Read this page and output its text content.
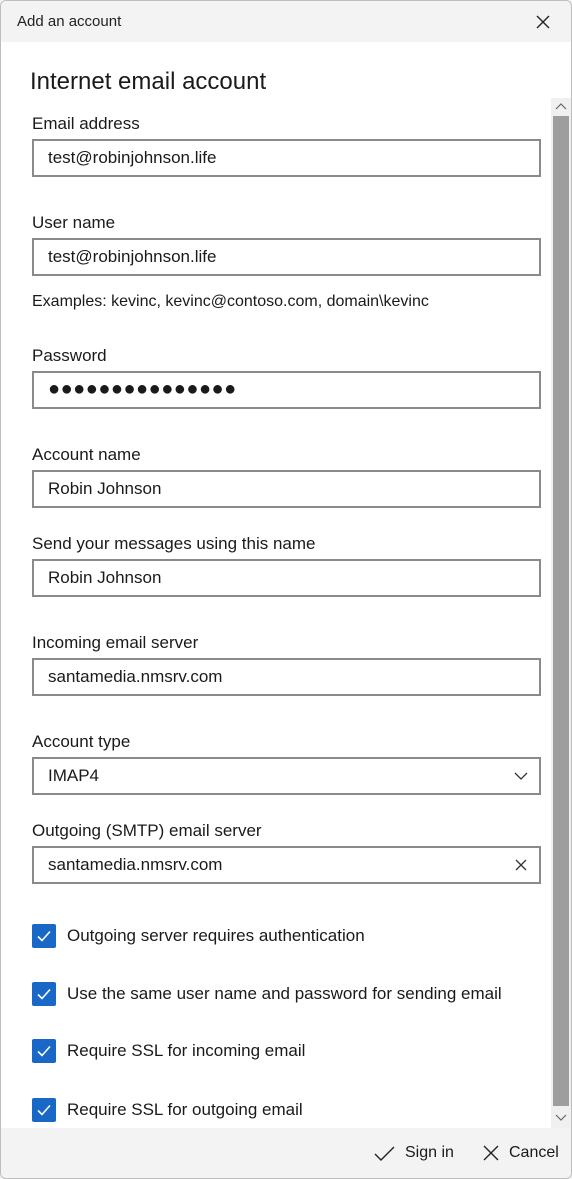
Add an account
Internet email account
Email address
test@robinjohnson.life
User name
test@robinjohnson.life
Examples: kevinc, kevinc@contoso.com, domain\kevinc
Password
●●●●●●●●●●●●●●●
Account name
Robin Johnson
Send your messages using this name
Robin Johnson
Incoming email server
santamedia.nmsrv.com
Account type
IMAP4
Outgoing (SMTP) email server
santamedia.nmsrv.com
Outgoing server requires authentication
Use the same user name and password for sending email
Require SSL for incoming email
Require SSL for outgoing email
Sign in	Cancel
